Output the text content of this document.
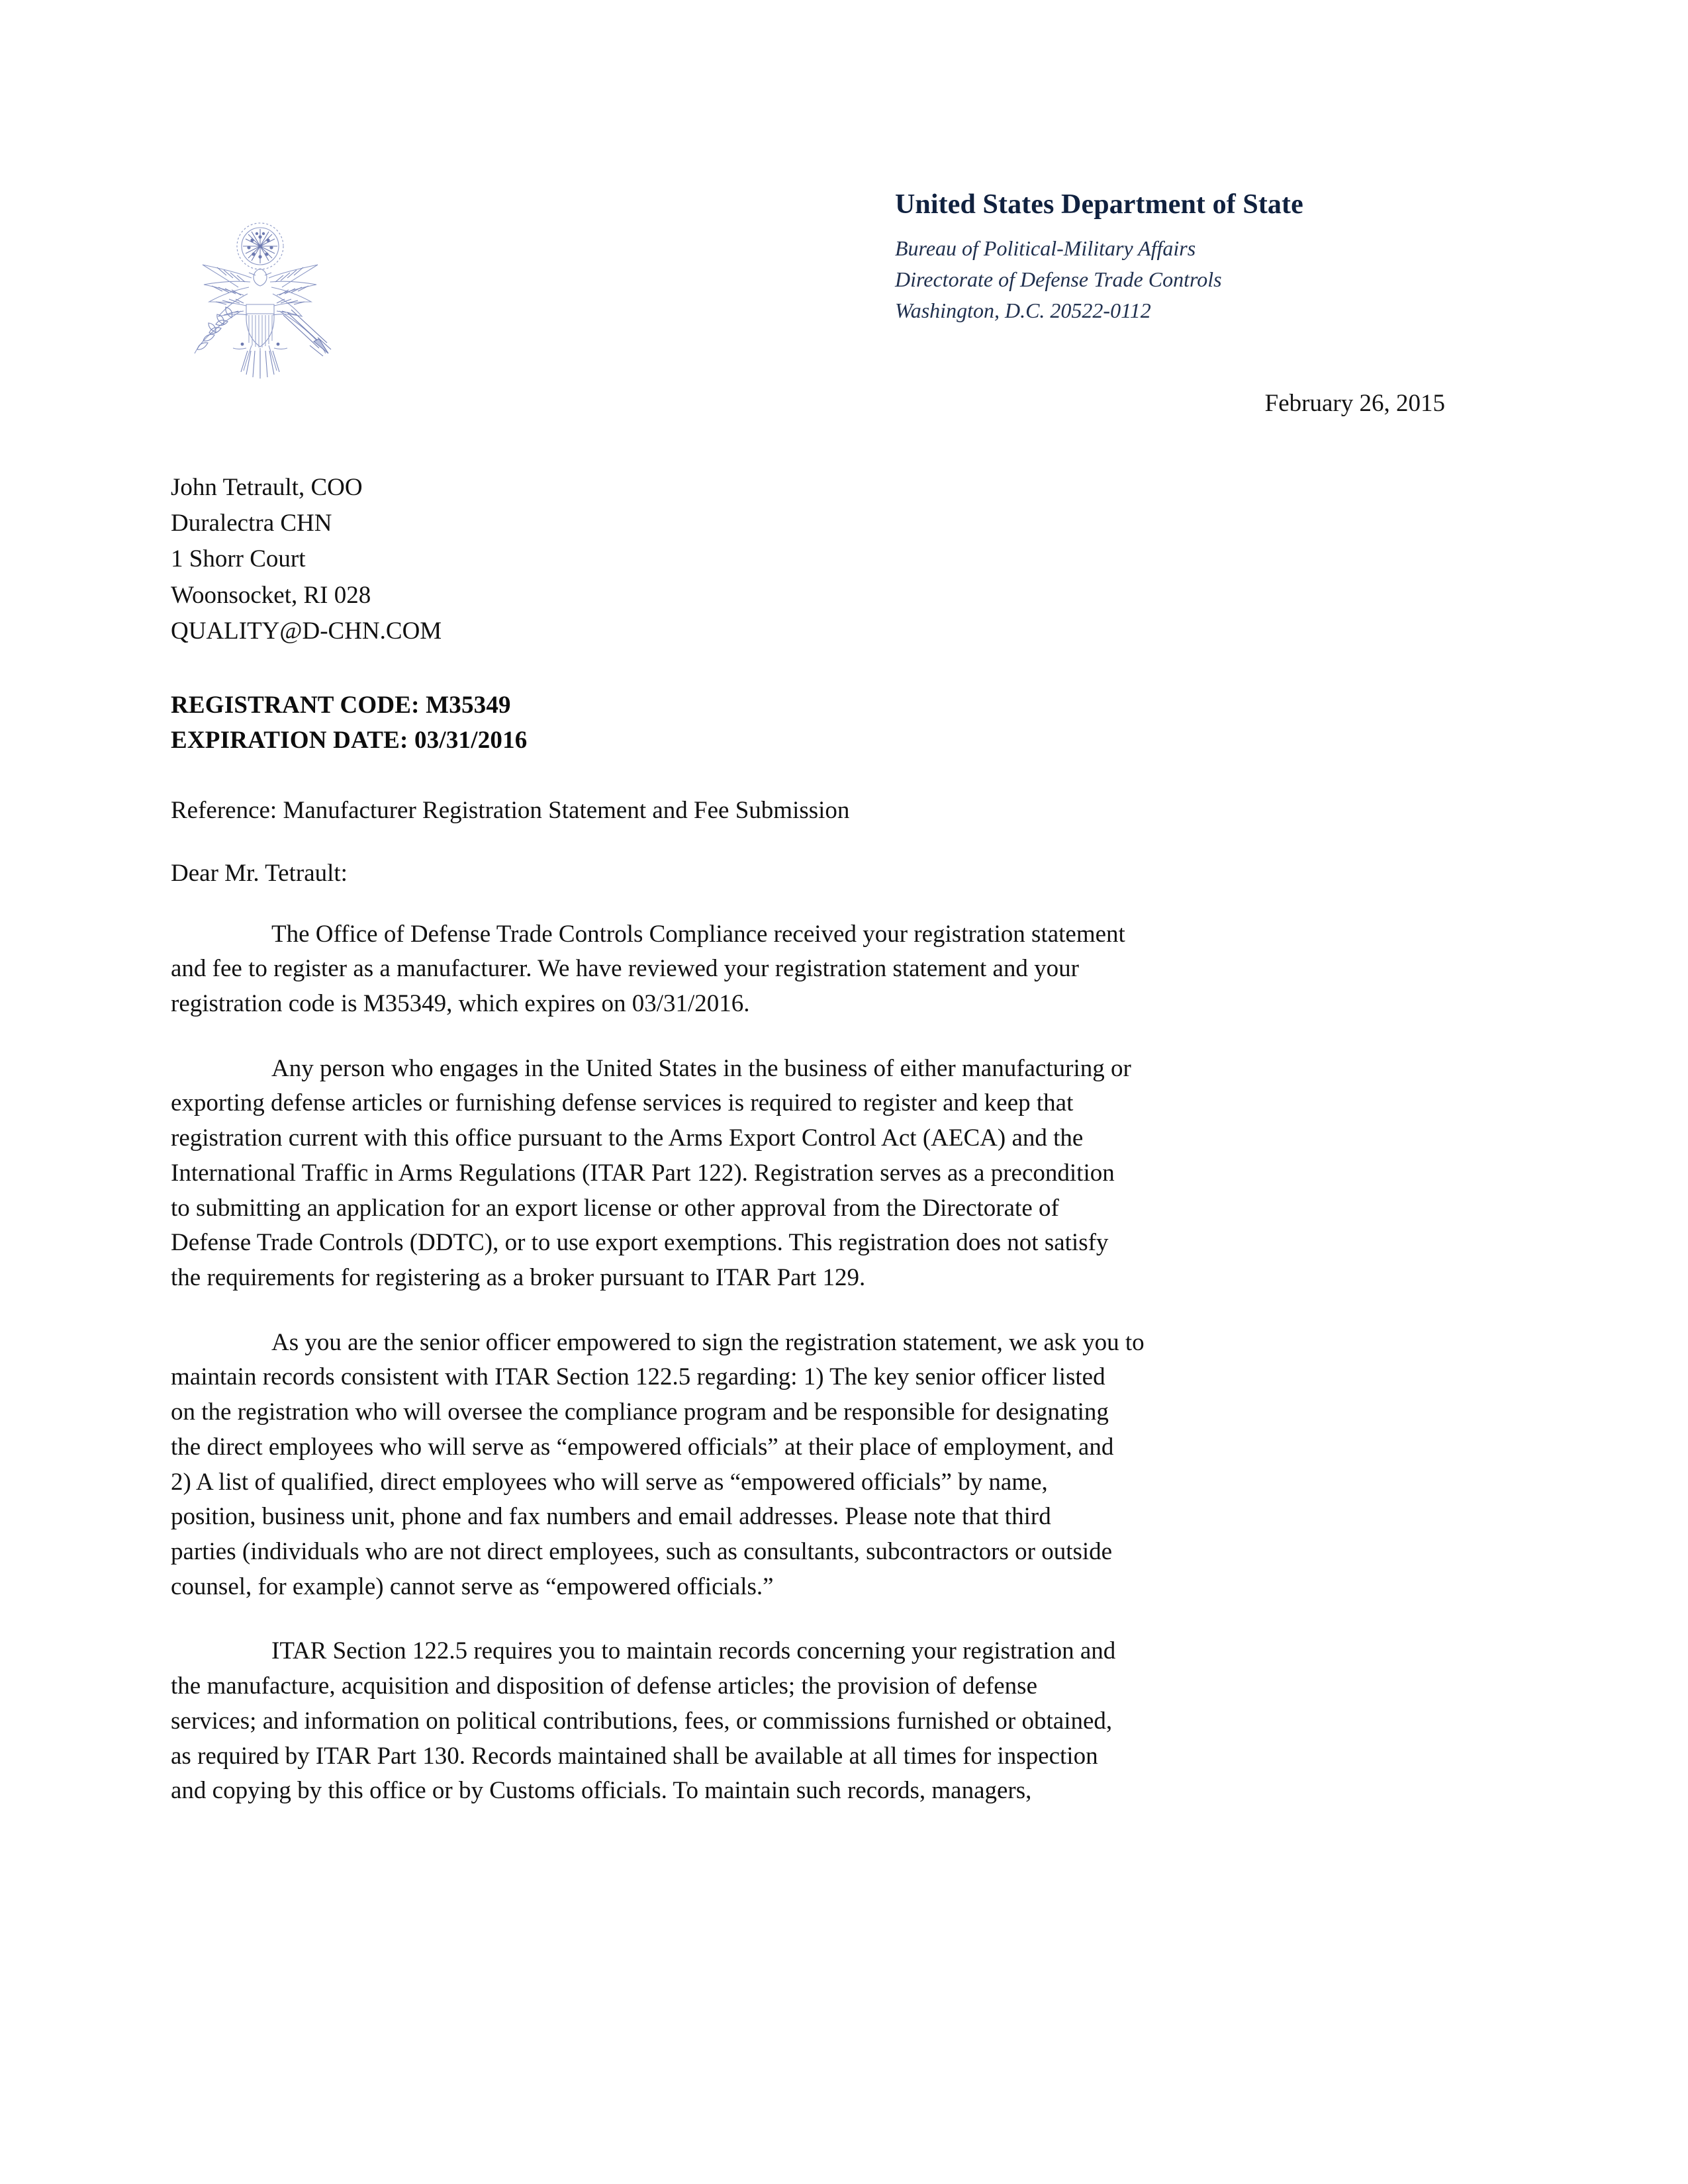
United States Department of State
Bureau of Political-Military Affairs
Directorate of Defense Trade Controls
Washington, D.C. 20522-0112
February 26, 2015
John Tetrault, COO
Duralectra CHN
1 Shorr Court
Woonsocket, RI 028
QUALITY@D-CHN.COM
REGISTRANT CODE: M35349
EXPIRATION DATE: 03/31/2016
Reference: Manufacturer Registration Statement and Fee Submission
Dear Mr. Tetrault:
The Office of Defense Trade Controls Compliance received your registration statement
and fee to register as a manufacturer. We have reviewed your registration statement and your
registration code is M35349, which expires on 03/31/2016.
Any person who engages in the United States in the business of either manufacturing or
exporting defense articles or furnishing defense services is required to register and keep that
registration current with this office pursuant to the Arms Export Control Act (AECA) and the
International Traffic in Arms Regulations (ITAR Part 122). Registration serves as a precondition
to submitting an application for an export license or other approval from the Directorate of
Defense Trade Controls (DDTC), or to use export exemptions. This registration does not satisfy
the requirements for registering as a broker pursuant to ITAR Part 129.
As you are the senior officer empowered to sign the registration statement, we ask you to
maintain records consistent with ITAR Section 122.5 regarding: 1) The key senior officer listed
on the registration who will oversee the compliance program and be responsible for designating
the direct employees who will serve as “empowered officials” at their place of employment, and
2) A list of qualified, direct employees who will serve as “empowered officials” by name,
position, business unit, phone and fax numbers and email addresses. Please note that third
parties (individuals who are not direct employees, such as consultants, subcontractors or outside
counsel, for example) cannot serve as “empowered officials.”
ITAR Section 122.5 requires you to maintain records concerning your registration and
the manufacture, acquisition and disposition of defense articles; the provision of defense
services; and information on political contributions, fees, or commissions furnished or obtained,
as required by ITAR Part 130. Records maintained shall be available at all times for inspection
and copying by this office or by Customs officials. To maintain such records, managers,
